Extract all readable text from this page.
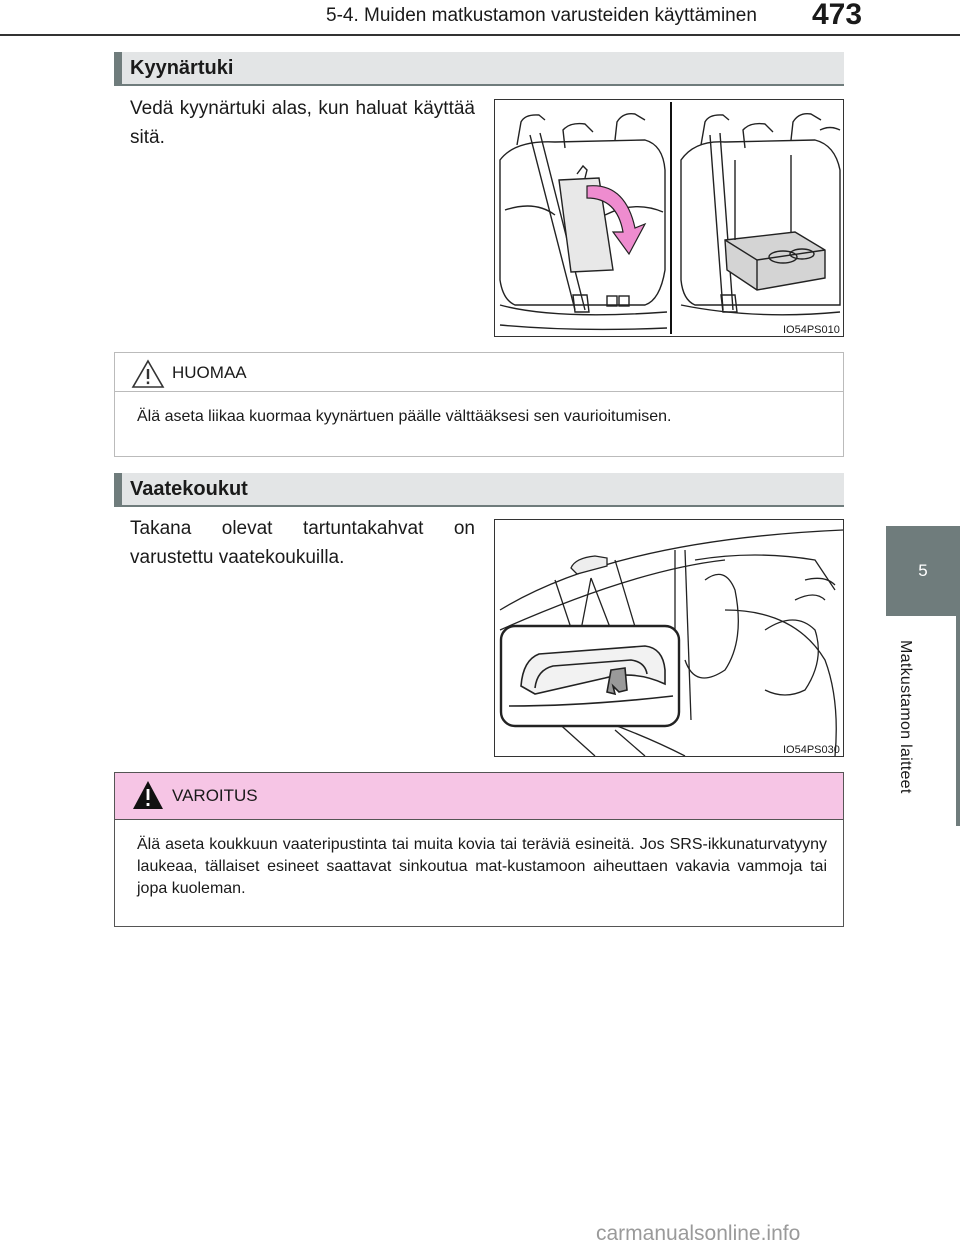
5-4. Muiden matkustamon varusteiden käyttäminen 473
5
Matkustamon laitteet
Kyynärtuki
Vedä kyynärtuki alas, kun haluat käyttää sitä.
IO54PS010
HUOMAA
Älä aseta liikaa kuormaa kyynärtuen päälle välttääksesi sen vaurioitumisen.
Vaatekoukut
Takana olevat tartuntakahvat on varustettu vaatekoukuilla.
IO54PS030
VAROITUS
Älä aseta koukkuun vaateripustinta tai muita kovia tai teräviä esineitä. Jos SRS-ikkunaturvatyyny laukeaa, tällaiset esineet saattavat sinkoutua mat-kustamoon aiheuttaen vakavia vammoja tai jopa kuoleman.
carmanualsonline.info
